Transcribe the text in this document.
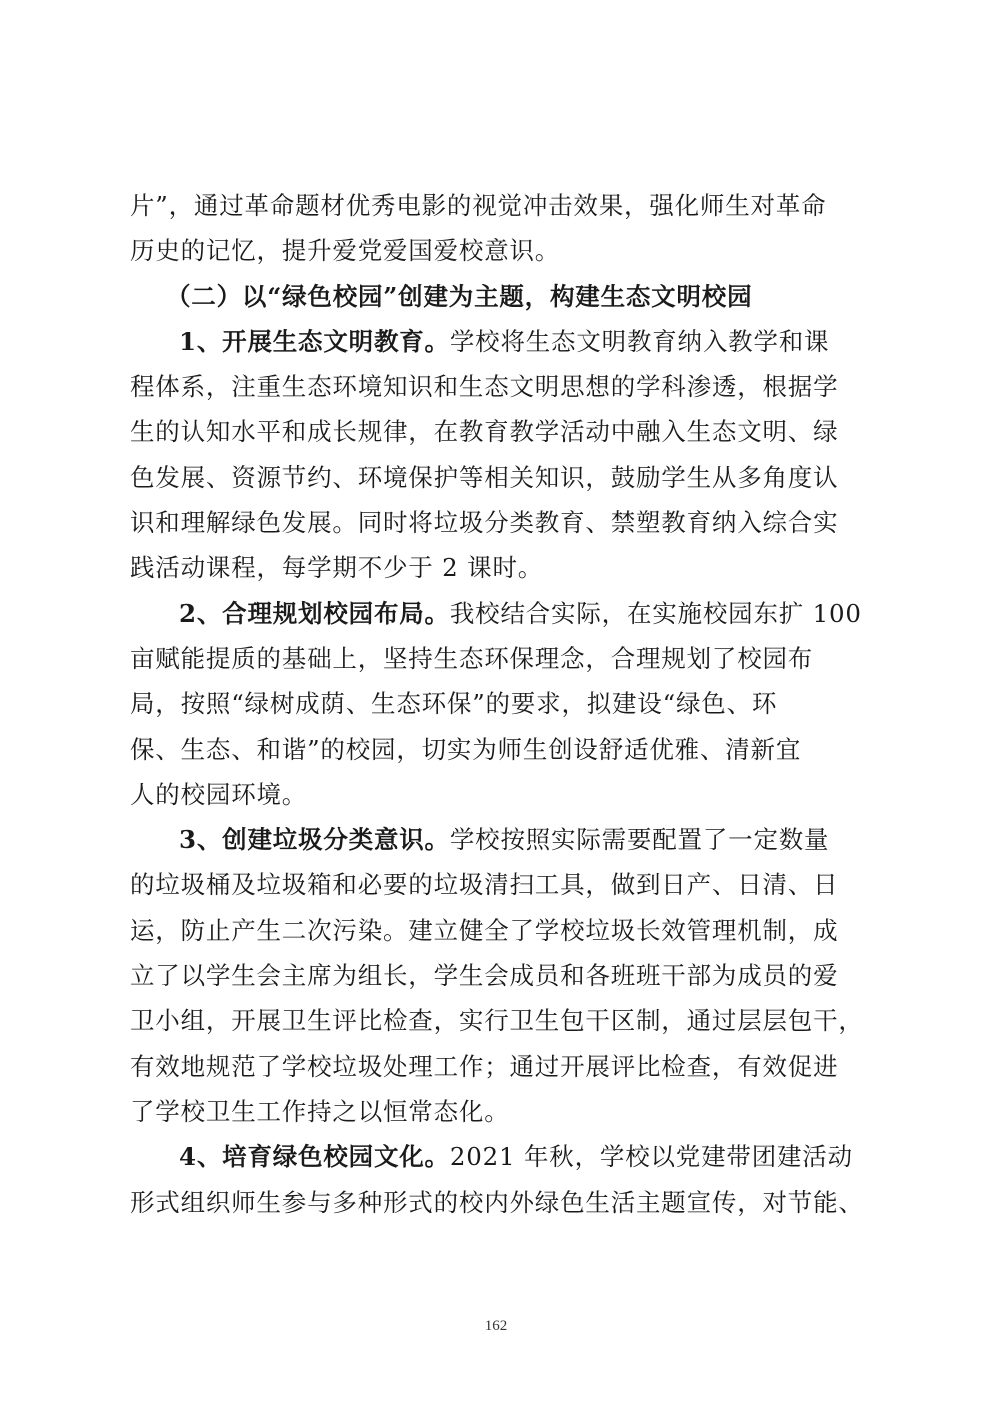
片”，通过革命题材优秀电影的视觉冲击效果，强化师生对革命
历史的记忆，提升爱党爱国爱校意识。
（二）以“绿色校园”创建为主题，构建生态文明校园
1、开展生态文明教育。学校将生态文明教育纳入教学和课
程体系，注重生态环境知识和生态文明思想的学科渗透，根据学
生的认知水平和成长规律，在教育教学活动中融入生态文明、绿
色发展、资源节约、环境保护等相关知识，鼓励学生从多角度认
识和理解绿色发展。同时将垃圾分类教育、禁塑教育纳入综合实
践活动课程，每学期不少于 2 课时。
2、合理规划校园布局。我校结合实际，在实施校园东扩 100
亩赋能提质的基础上，坚持生态环保理念，合理规划了校园布
局，按照“绿树成荫、生态环保”的要求，拟建设“绿色、环
保、生态、和谐”的校园，切实为师生创设舒适优雅、清新宜
人的校园环境。
3、创建垃圾分类意识。学校按照实际需要配置了一定数量
的垃圾桶及垃圾箱和必要的垃圾清扫工具，做到日产、日清、日
运，防止产生二次污染。建立健全了学校垃圾长效管理机制，成
立了以学生会主席为组长，学生会成员和各班班干部为成员的爱
卫小组，开展卫生评比检查，实行卫生包干区制，通过层层包干，
有效地规范了学校垃圾处理工作；通过开展评比检查，有效促进
了学校卫生工作持之以恒常态化。
4、培育绿色校园文化。2021 年秋，学校以党建带团建活动
形式组织师生参与多种形式的校内外绿色生活主题宣传，对节能、
162
